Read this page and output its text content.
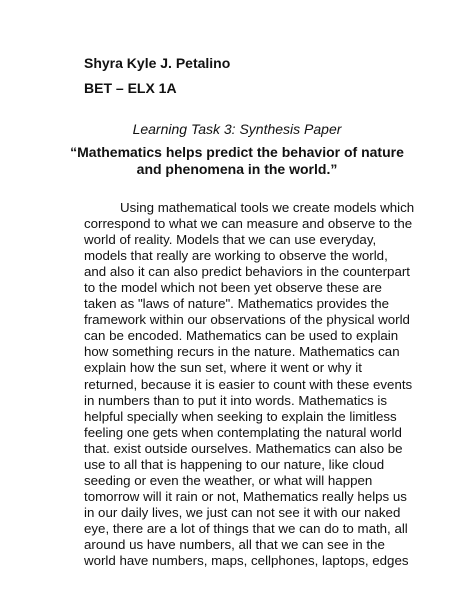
Shyra Kyle J. Petalino
BET – ELX 1A
Learning Task 3: Synthesis Paper
“Mathematics helps predict the behavior of nature
and phenomena in the world.”
Using mathematical tools we create models which
correspond to what we can measure and observe to the
world of reality. Models that we can use everyday,
models that really are working to observe the world,
and also it can also predict behaviors in the counterpart
to the model which not been yet observe these are
taken as "laws of nature". Mathematics provides the
framework within our observations of the physical world
can be encoded. Mathematics can be used to explain
how something recurs in the nature. Mathematics can
explain how the sun set, where it went or why it
returned, because it is easier to count with these events
in numbers than to put it into words. Mathematics is
helpful specially when seeking to explain the limitless
feeling one gets when contemplating the natural world
that. exist outside ourselves. Mathematics can also be
use to all that is happening to our nature, like cloud
seeding or even the weather, or what will happen
tomorrow will it rain or not, Mathematics really helps us
in our daily lives, we just can not see it with our naked
eye, there are a lot of things that we can do to math, all
around us have numbers, all that we can see in the
world have numbers, maps, cellphones, laptops, edges
